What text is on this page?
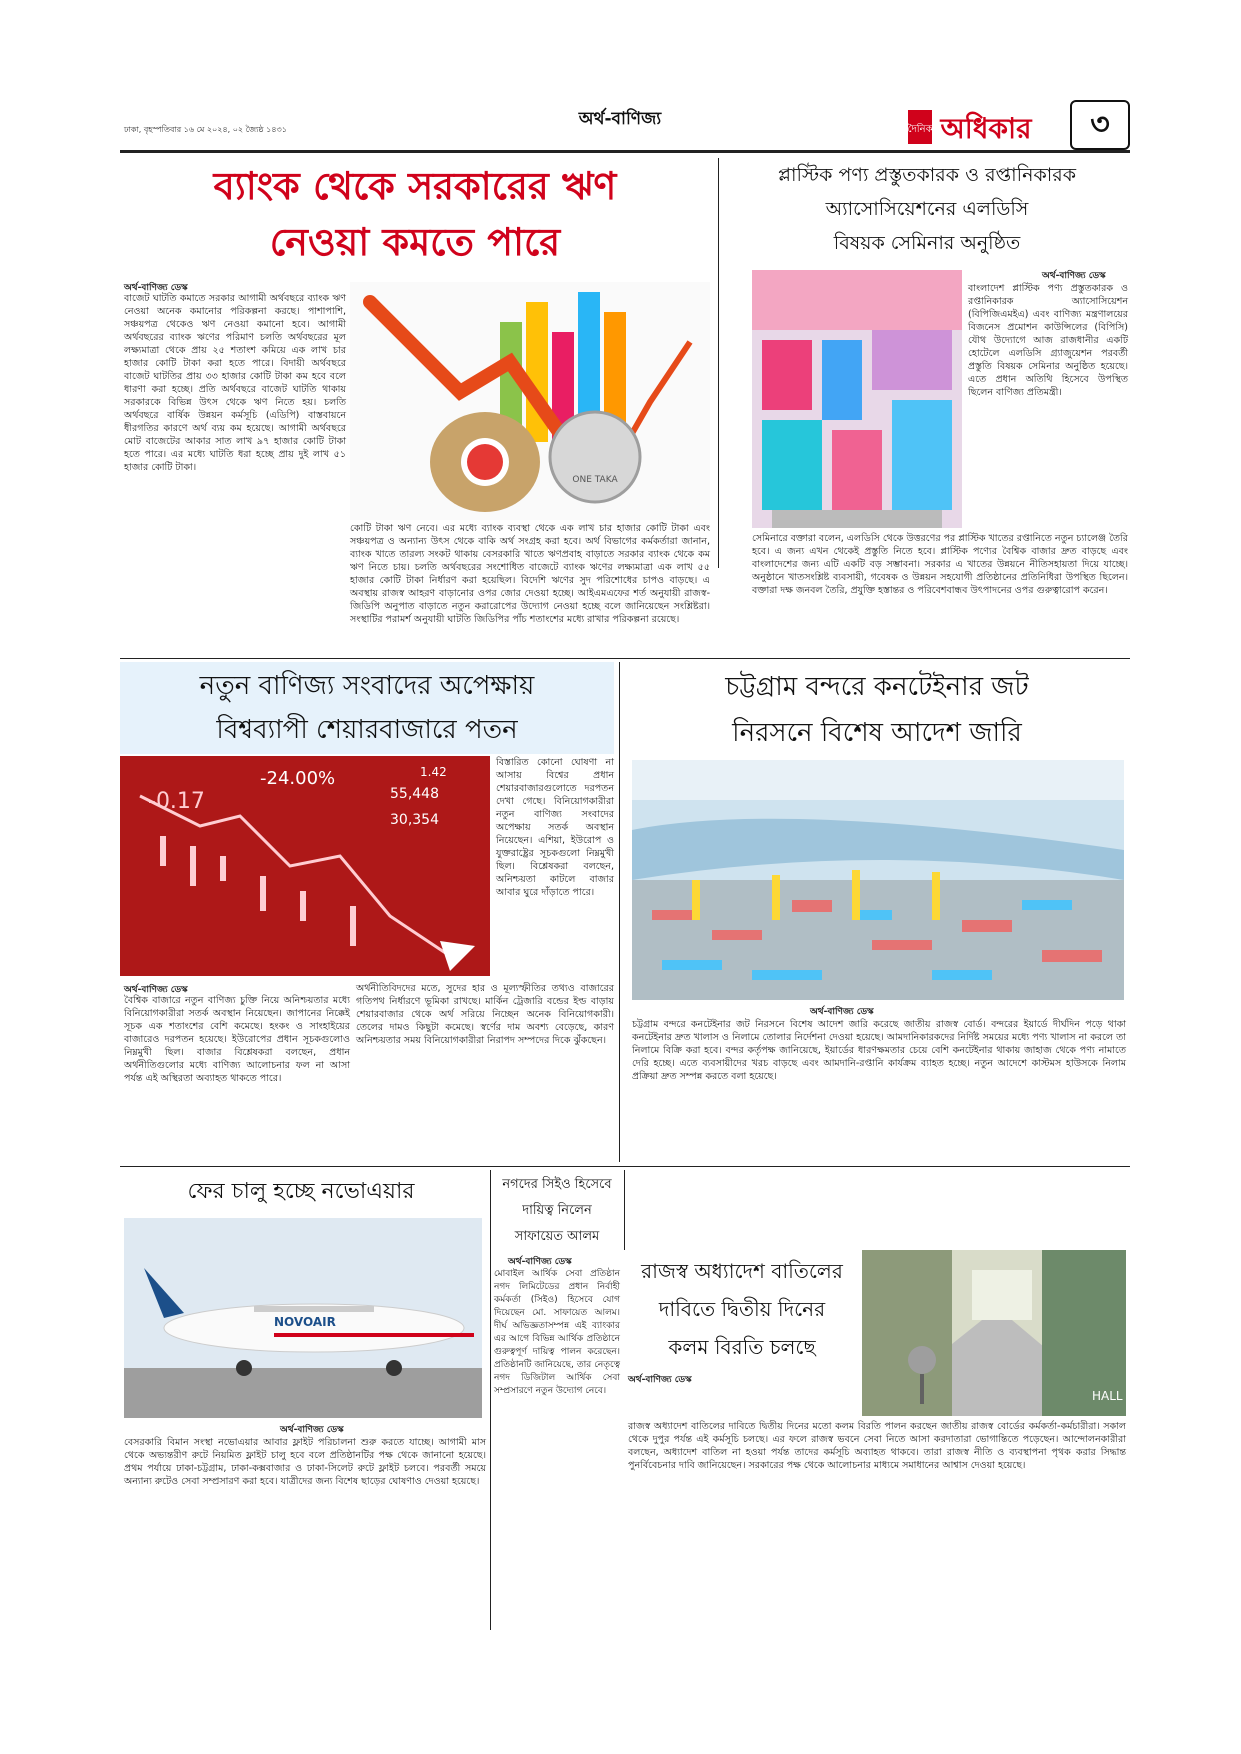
অর্থ-বাণিজ্য
ঢাকা, বৃহস্পতিবার ১৬ মে ২০২৪, ০২ জ্যৈষ্ঠ ১৪৩১	দৈনিক অধিকার	৩
ব্যাংক থেকে সরকারের ঋণ
নেওয়া কমতে পারে
অর্থ-বাণিজ্য ডেস্ক
বাজেট ঘাটতি কমাতে সরকার আগামী অর্থবছরে ব্যাংক ঋণ নেওয়া অনেক কমানোর পরিকল্পনা করছে। পাশাপাশি, সঞ্চয়পত্র থেকেও ঋণ নেওয়া কমানো হবে। আগামী অর্থবছরের ব্যাংক ঋণের পরিমাণ চলতি অর্থবছরের মূল লক্ষ্যমাত্রা থেকে প্রায় ২৫ শতাংশ কমিয়ে এক লাখ চার হাজার কোটি টাকা করা হতে পারে। বিদায়ী অর্থবছরে বাজেট ঘাটতির প্রায় ৩৩ হাজার কোটি টাকা কম হবে বলে ধারণা করা হচ্ছে। প্রতি অর্থবছরে বাজেট ঘাটতি থাকায় সরকারকে বিভিন্ন উৎস থেকে ঋণ নিতে হয়। চলতি অর্থবছরে বার্ষিক উন্নয়ন কর্মসূচি (এডিপি) বাস্তবায়নে ধীরগতির কারণে অর্থ ব্যয় কম হয়েছে। আগামী অর্থবছরে মোট বাজেটের আকার সাত লাখ ৯৭ হাজার কোটি টাকা হতে পারে। এর মধ্যে ঘাটতি ধরা হচ্ছে প্রায় দুই লাখ ৫১ হাজার কোটি টাকা।
ONE TAKA
কোটি টাকা ঋণ নেবে। এর মধ্যে ব্যাংক ব্যবস্থা থেকে এক লাখ চার হাজার কোটি টাকা এবং সঞ্চয়পত্র ও অন্যান্য উৎস থেকে বাকি অর্থ সংগ্রহ করা হবে। অর্থ বিভাগের কর্মকর্তারা জানান, ব্যাংক খাতে তারল্য সংকট থাকায় বেসরকারি খাতে ঋণপ্রবাহ বাড়াতে সরকার ব্যাংক থেকে কম ঋণ নিতে চায়। চলতি অর্থবছরের সংশোধিত বাজেটে ব্যাংক ঋণের লক্ষ্যমাত্রা এক লাখ ৫৫ হাজার কোটি টাকা নির্ধারণ করা হয়েছিল। বিদেশি ঋণের সুদ পরিশোধের চাপও বাড়ছে। এ অবস্থায় রাজস্ব আহরণ বাড়ানোর ওপর জোর দেওয়া হচ্ছে। আইএমএফের শর্ত অনুযায়ী রাজস্ব-জিডিপি অনুপাত বাড়াতে নতুন করারোপের উদ্যোগ নেওয়া হচ্ছে বলে জানিয়েছেন সংশ্লিষ্টরা। সংস্থাটির পরামর্শ অনুযায়ী ঘাটতি জিডিপির পাঁচ শতাংশের মধ্যে রাখার পরিকল্পনা রয়েছে।
প্লাস্টিক পণ্য প্রস্তুতকারক ও রপ্তানিকারক
অ্যাসোসিয়েশনের এলডিসি
বিষয়ক সেমিনার অনুষ্ঠিত
অর্থ-বাণিজ্য ডেস্ক
বাংলাদেশ প্লাস্টিক পণ্য প্রস্তুতকারক ও রপ্তানিকারক অ্যাসোসিয়েশন (বিপিজিএমইএ) এবং বাণিজ্য মন্ত্রণালয়ের বিজনেস প্রমোশন কাউন্সিলের (বিপিসি) যৌথ উদ্যোগে আজ রাজধানীর একটি হোটেলে এলডিসি গ্র্যাজুয়েশন পরবর্তী প্রস্তুতি বিষয়ক সেমিনার অনুষ্ঠিত হয়েছে। এতে প্রধান অতিথি হিসেবে উপস্থিত ছিলেন বাণিজ্য প্রতিমন্ত্রী।
সেমিনারে বক্তারা বলেন, এলডিসি থেকে উত্তরণের পর প্লাস্টিক খাতের রপ্তানিতে নতুন চ্যালেঞ্জ তৈরি হবে। এ জন্য এখন থেকেই প্রস্তুতি নিতে হবে। প্লাস্টিক পণ্যের বৈশ্বিক বাজার দ্রুত বাড়ছে এবং বাংলাদেশের জন্য এটি একটি বড় সম্ভাবনা। সরকার এ খাতের উন্নয়নে নীতিসহায়তা দিয়ে যাচ্ছে। অনুষ্ঠানে খাতসংশ্লিষ্ট ব্যবসায়ী, গবেষক ও উন্নয়ন সহযোগী প্রতিষ্ঠানের প্রতিনিধিরা উপস্থিত ছিলেন। বক্তারা দক্ষ জনবল তৈরি, প্রযুক্তি হস্তান্তর ও পরিবেশবান্ধব উৎপাদনের ওপর গুরুত্বারোপ করেন।
নতুন বাণিজ্য সংবাদের অপেক্ষায়
বিশ্বব্যাপী শেয়ারবাজারে পতন
-24.00%
-0.17	55,448
30,354
1.42
বিস্তারিত কোনো ঘোষণা না আসায় বিশ্বের প্রধান শেয়ারবাজারগুলোতে দরপতন দেখা গেছে। বিনিয়োগকারীরা নতুন বাণিজ্য সংবাদের অপেক্ষায় সতর্ক অবস্থান নিয়েছেন। এশিয়া, ইউরোপ ও যুক্তরাষ্ট্রের সূচকগুলো নিম্নমুখী ছিল। বিশ্লেষকরা বলছেন, অনিশ্চয়তা কাটলে বাজার আবার ঘুরে দাঁড়াতে পারে।
অর্থ-বাণিজ্য ডেস্ক
বৈশ্বিক বাজারে নতুন বাণিজ্য চুক্তি নিয়ে অনিশ্চয়তার মধ্যে বিনিয়োগকারীরা সতর্ক অবস্থান নিয়েছেন। জাপানের নিক্কেই সূচক এক শতাংশের বেশি কমেছে। হংকং ও সাংহাইয়ের বাজারেও দরপতন হয়েছে। ইউরোপের প্রধান সূচকগুলোও নিম্নমুখী ছিল। বাজার বিশ্লেষকরা বলছেন, প্রধান অর্থনীতিগুলোর মধ্যে বাণিজ্য আলোচনার ফল না আসা পর্যন্ত এই অস্থিরতা অব্যাহত থাকতে পারে।
অর্থনীতিবিদদের মতে, সুদের হার ও মূল্যস্ফীতির তথ্যও বাজারের গতিপথ নির্ধারণে ভূমিকা রাখছে। মার্কিন ট্রেজারি বন্ডের ইল্ড বাড়ায় শেয়ারবাজার থেকে অর্থ সরিয়ে নিচ্ছেন অনেক বিনিয়োগকারী। তেলের দামও কিছুটা কমেছে। স্বর্ণের দাম অবশ্য বেড়েছে, কারণ অনিশ্চয়তার সময় বিনিয়োগকারীরা নিরাপদ সম্পদের দিকে ঝুঁকছেন।
চট্টগ্রাম বন্দরে কনটেইনার জট
নিরসনে বিশেষ আদেশ জারি
অর্থ-বাণিজ্য ডেস্ক
চট্টগ্রাম বন্দরে কনটেইনার জট নিরসনে বিশেষ আদেশ জারি করেছে জাতীয় রাজস্ব বোর্ড। বন্দরের ইয়ার্ডে দীর্ঘদিন পড়ে থাকা কনটেইনার দ্রুত খালাস ও নিলামে তোলার নির্দেশনা দেওয়া হয়েছে। আমদানিকারকদের নির্দিষ্ট সময়ের মধ্যে পণ্য খালাস না করলে তা নিলামে বিক্রি করা হবে। বন্দর কর্তৃপক্ষ জানিয়েছে, ইয়ার্ডের ধারণক্ষমতার চেয়ে বেশি কনটেইনার থাকায় জাহাজ থেকে পণ্য নামাতে দেরি হচ্ছে। এতে ব্যবসায়ীদের খরচ বাড়ছে এবং আমদানি-রপ্তানি কার্যক্রম ব্যাহত হচ্ছে। নতুন আদেশে কাস্টমস হাউসকে নিলাম প্রক্রিয়া দ্রুত সম্পন্ন করতে বলা হয়েছে।
ফের চালু হচ্ছে নভোএয়ার
NOVOAIR
অর্থ-বাণিজ্য ডেস্ক
বেসরকারি বিমান সংস্থা নভোএয়ার আবার ফ্লাইট পরিচালনা শুরু করতে যাচ্ছে। আগামী মাস থেকে অভ্যন্তরীণ রুটে নিয়মিত ফ্লাইট চালু হবে বলে প্রতিষ্ঠানটির পক্ষ থেকে জানানো হয়েছে। প্রথম পর্যায়ে ঢাকা-চট্টগ্রাম, ঢাকা-কক্সবাজার ও ঢাকা-সিলেট রুটে ফ্লাইট চলবে। পরবর্তী সময়ে অন্যান্য রুটেও সেবা সম্প্রসারণ করা হবে। যাত্রীদের জন্য বিশেষ ছাড়ের ঘোষণাও দেওয়া হয়েছে।
নগদের সিইও হিসেবে
দায়িত্ব নিলেন
সাফায়েত আলম
অর্থ-বাণিজ্য ডেস্ক
মোবাইল আর্থিক সেবা প্রতিষ্ঠান নগদ লিমিটেডের প্রধান নির্বাহী কর্মকর্তা (সিইও) হিসেবে যোগ দিয়েছেন মো. সাফায়েত আলম। দীর্ঘ অভিজ্ঞতাসম্পন্ন এই ব্যাংকার এর আগে বিভিন্ন আর্থিক প্রতিষ্ঠানে গুরুত্বপূর্ণ দায়িত্ব পালন করেছেন। প্রতিষ্ঠানটি জানিয়েছে, তার নেতৃত্বে নগদ ডিজিটাল আর্থিক সেবা সম্প্রসারণে নতুন উদ্যোগ নেবে।
রাজস্ব অধ্যাদেশ বাতিলের
দাবিতে দ্বিতীয় দিনের
কলম বিরতি চলছে
অর্থ-বাণিজ্য ডেস্ক
HALL
রাজস্ব অধ্যাদেশ বাতিলের দাবিতে দ্বিতীয় দিনের মতো কলম বিরতি পালন করছেন জাতীয় রাজস্ব বোর্ডের কর্মকর্তা-কর্মচারীরা। সকাল থেকে দুপুর পর্যন্ত এই কর্মসূচি চলছে। এর ফলে রাজস্ব ভবনে সেবা নিতে আসা করদাতারা ভোগান্তিতে পড়েছেন। আন্দোলনকারীরা বলছেন, অধ্যাদেশ বাতিল না হওয়া পর্যন্ত তাদের কর্মসূচি অব্যাহত থাকবে। তারা রাজস্ব নীতি ও ব্যবস্থাপনা পৃথক করার সিদ্ধান্ত পুনর্বিবেচনার দাবি জানিয়েছেন। সরকারের পক্ষ থেকে আলোচনার মাধ্যমে সমাধানের আশ্বাস দেওয়া হয়েছে।
